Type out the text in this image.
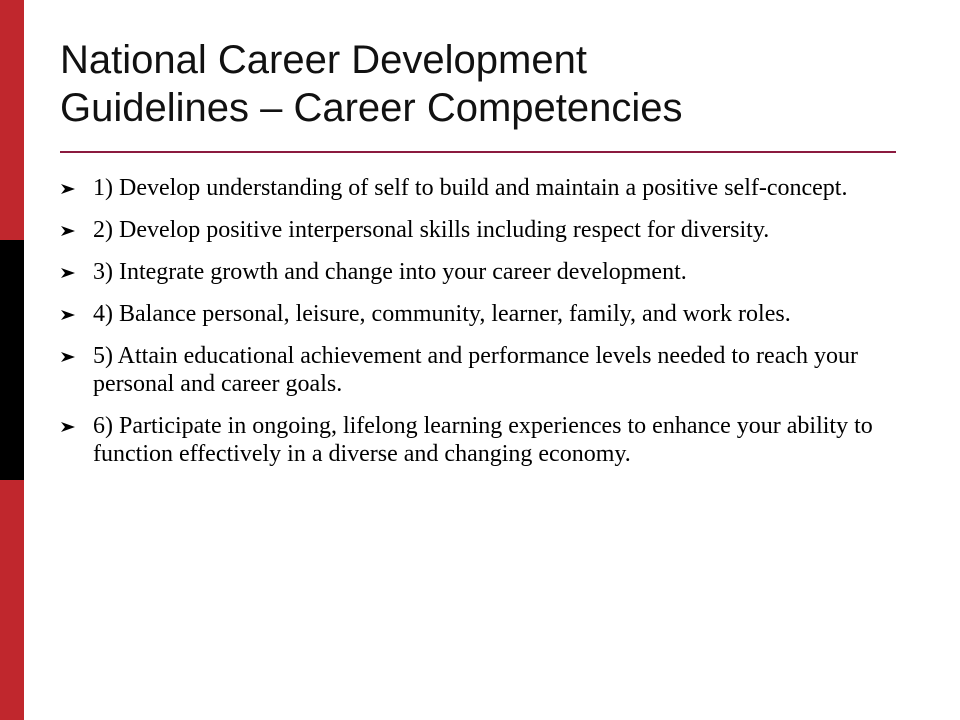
National Career Development
Guidelines – Career Competencies
1) Develop understanding of self to build and maintain a positive self-concept.
2) Develop positive interpersonal skills including respect for diversity.
3) Integrate growth and change into your career development.
4) Balance personal, leisure, community, learner, family, and work roles.
5) Attain educational achievement and performance levels needed to reach your personal and career goals.
6) Participate in ongoing, lifelong learning experiences to enhance your ability to function effectively in a diverse and changing economy.
